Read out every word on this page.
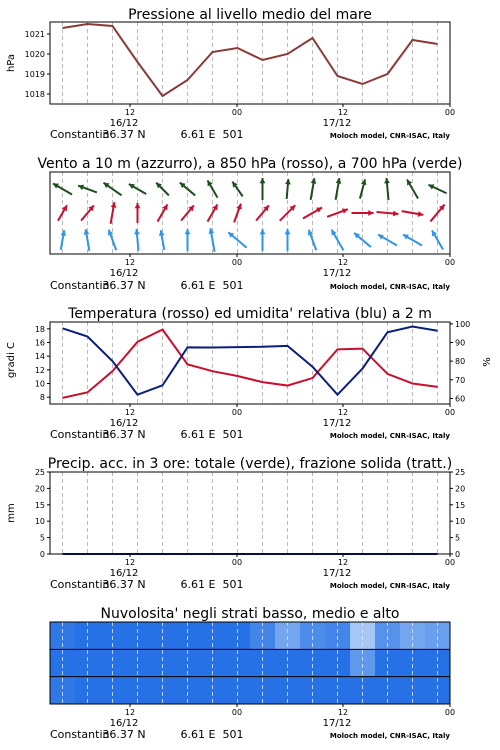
Pressione al livello medio del mare
1018
1019
1020
1021
hPa
12	00	12	00
16/12	17/12
Constantin
36.37 N	6.61 E 501	Moloch model, CNR-ISAC, Italy
Vento a 10 m (azzurro), a 850 hPa (rosso), a 700 hPa (verde)
12	00	12	00
16/12	17/12
Constantin
36.37 N	6.61 E 501	Moloch model, CNR-ISAC, Italy
Temperatura (rosso) ed umidita' relativa (blu) a 2 m
8
10
12
14
16
18
60
70
80
90
100
gradi C	%
12	00	12	00
16/12	17/12
Constantin
36.37 N	6.61 E 501	Moloch model, CNR-ISAC, Italy
Precip. acc. in 3 ore: totale (verde), frazione solida (tratt.)
0
5
10
15
20
25
0
5
10
15
20
25
mm
12	00	12	00
16/12	17/12
Constantin
36.37 N	6.61 E 501	Moloch model, CNR-ISAC, Italy
Nuvolosita' negli strati basso, medio e alto
12	00	12	00
16/12	17/12
Constantin
36.37 N	6.61 E 501	Moloch model, CNR-ISAC, Italy
